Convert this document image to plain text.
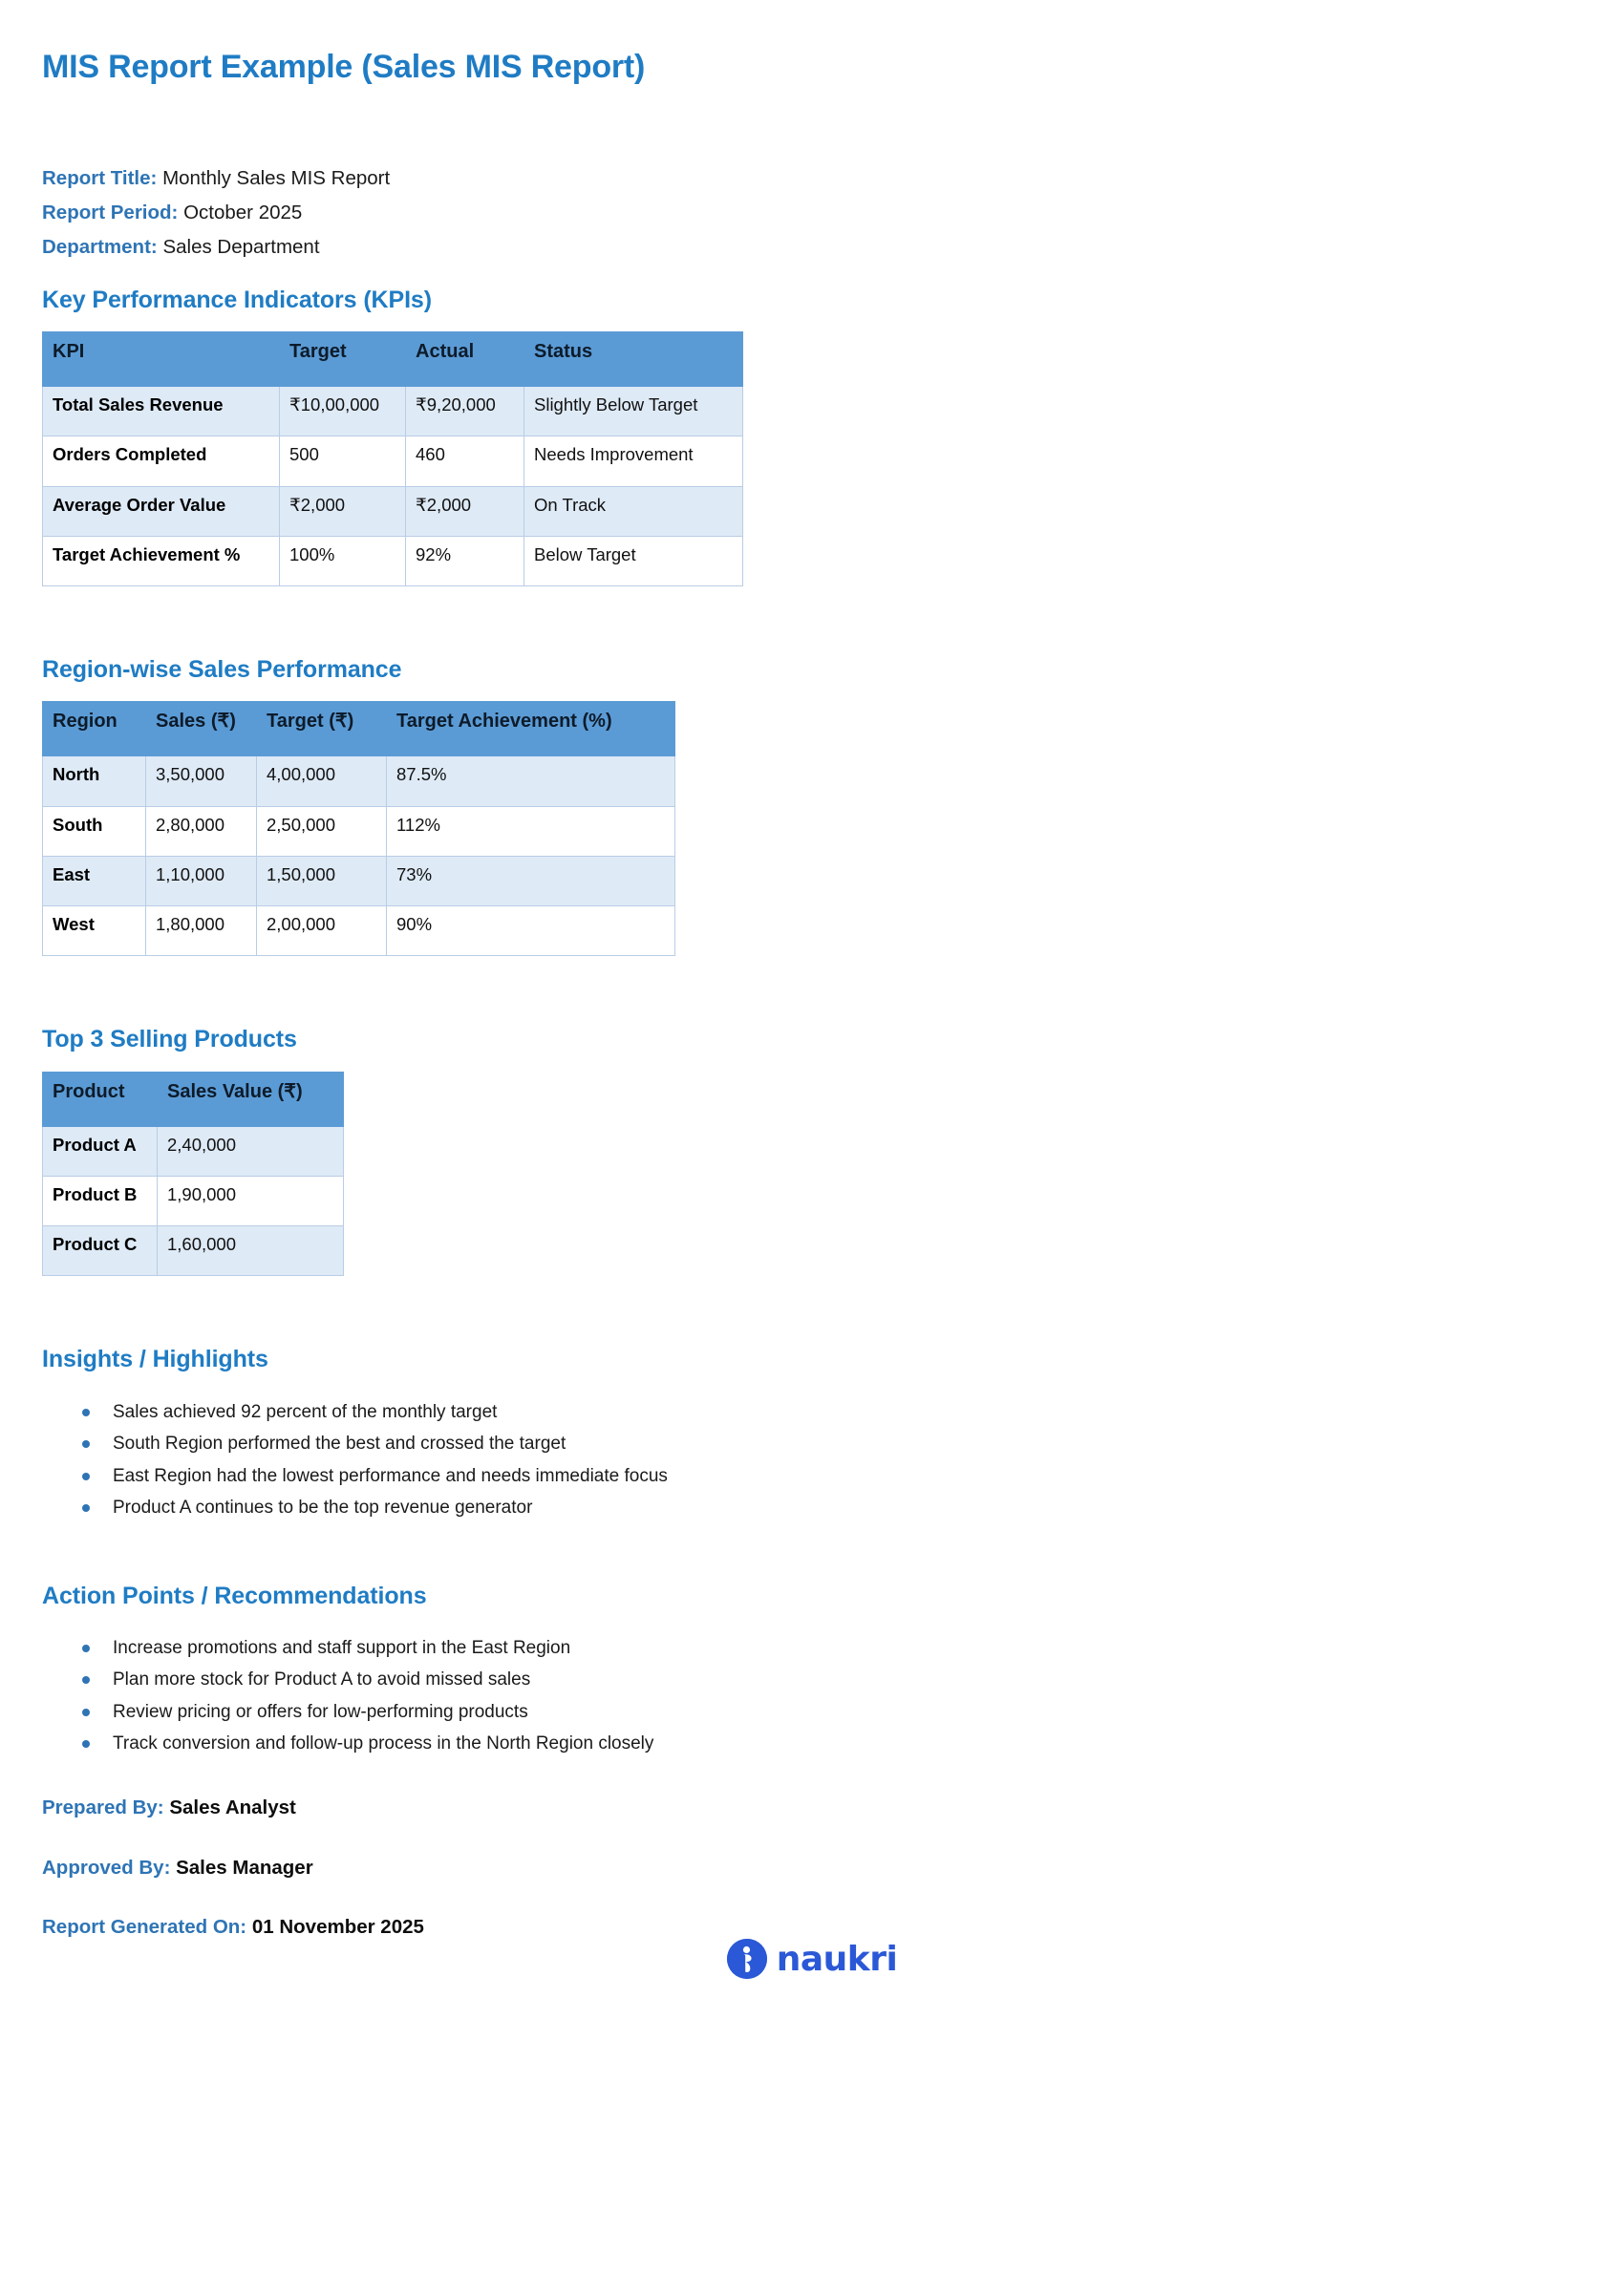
MIS Report Example (Sales MIS Report)
Report Title: Monthly Sales MIS Report
Report Period: October 2025
Department: Sales Department
Key Performance Indicators (KPIs)
KPI	Target	Actual	Status
Total Sales Revenue	₹10,00,000	₹9,20,000	Slightly Below Target
Orders Completed	500	460	Needs Improvement
Average Order Value	₹2,000	₹2,000	On Track
Target Achievement %	100%	92%	Below Target
Region-wise Sales Performance
Region	Sales (₹)	Target (₹)	Target Achievement (%)
North	3,50,000	4,00,000	87.5%
South	2,80,000	2,50,000	112%
East	1,10,000	1,50,000	73%
West	1,80,000	2,00,000	90%
Top 3 Selling Products
Product	Sales Value (₹)
Product A	2,40,000
Product B	1,90,000
Product C	1,60,000
Insights / Highlights
Sales achieved 92 percent of the monthly target
South Region performed the best and crossed the target
East Region had the lowest performance and needs immediate focus
Product A continues to be the top revenue generator
Action Points / Recommendations
Increase promotions and staff support in the East Region
Plan more stock for Product A to avoid missed sales
Review pricing or offers for low-performing products
Track conversion and follow-up process in the North Region closely
Prepared By: Sales Analyst
Approved By: Sales Manager
Report Generated On: 01 November 2025
naukri
